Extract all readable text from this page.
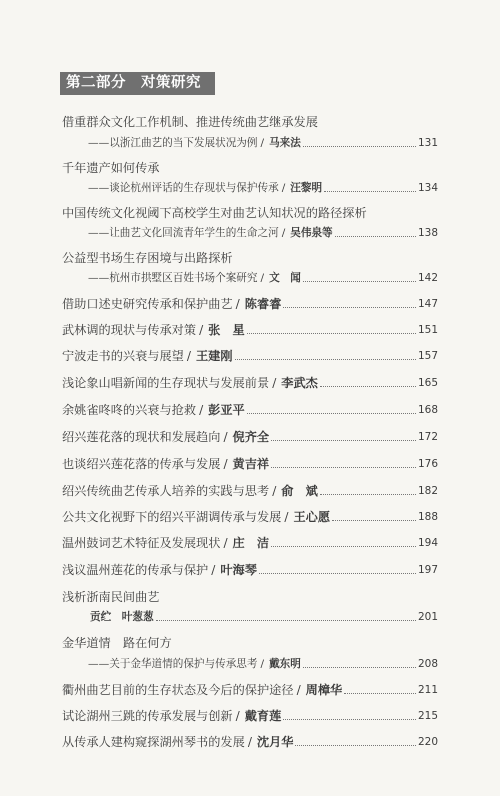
第二部分　对策研究
借重群众文化工作机制、推进传统曲艺继承发展
——以浙江曲艺的当下发展状况为例 / 马来法	131
千年遗产如何传承
——谈论杭州评话的生存现状与保护传承 / 汪黎明	134
中国传统文化视阈下高校学生对曲艺认知状况的路径探析
——让曲艺文化回流青年学生的生命之河 / 吴伟泉等	138
公益型书场生存困境与出路探析
——杭州市拱墅区百姓书场个案研究 / 文　闻	142
借助口述史研究传承和保护曲艺 / 陈睿睿	147
武林调的现状与传承对策 / 张　星	151
宁波走书的兴衰与展望 / 王建刚	157
浅论象山唱新闻的生存现状与发展前景 / 李武杰	165
余姚雀咚咚的兴衰与抢救 / 彭亚平	168
绍兴莲花落的现状和发展趋向 / 倪齐全	172
也谈绍兴莲花落的传承与发展 / 黄吉祥	176
绍兴传统曲艺传承人培养的实践与思考 / 俞　斌	182
公共文化视野下的绍兴平湖调传承与发展 / 王心愿	188
温州鼓词艺术特征及发展现状 / 庄　洁	194
浅议温州莲花的传承与保护 / 叶海琴	197
浅析浙南民间曲艺
贡纻　叶葱葱	201
金华道情　路在何方
——关于金华道情的保护与传承思考 / 戴东明	208
衢州曲艺目前的生存状态及今后的保护途径 / 周樟华	211
试论湖州三跳的传承发展与创新 / 戴育莲	215
从传承人建构窥探湖州琴书的发展 / 沈月华	220
